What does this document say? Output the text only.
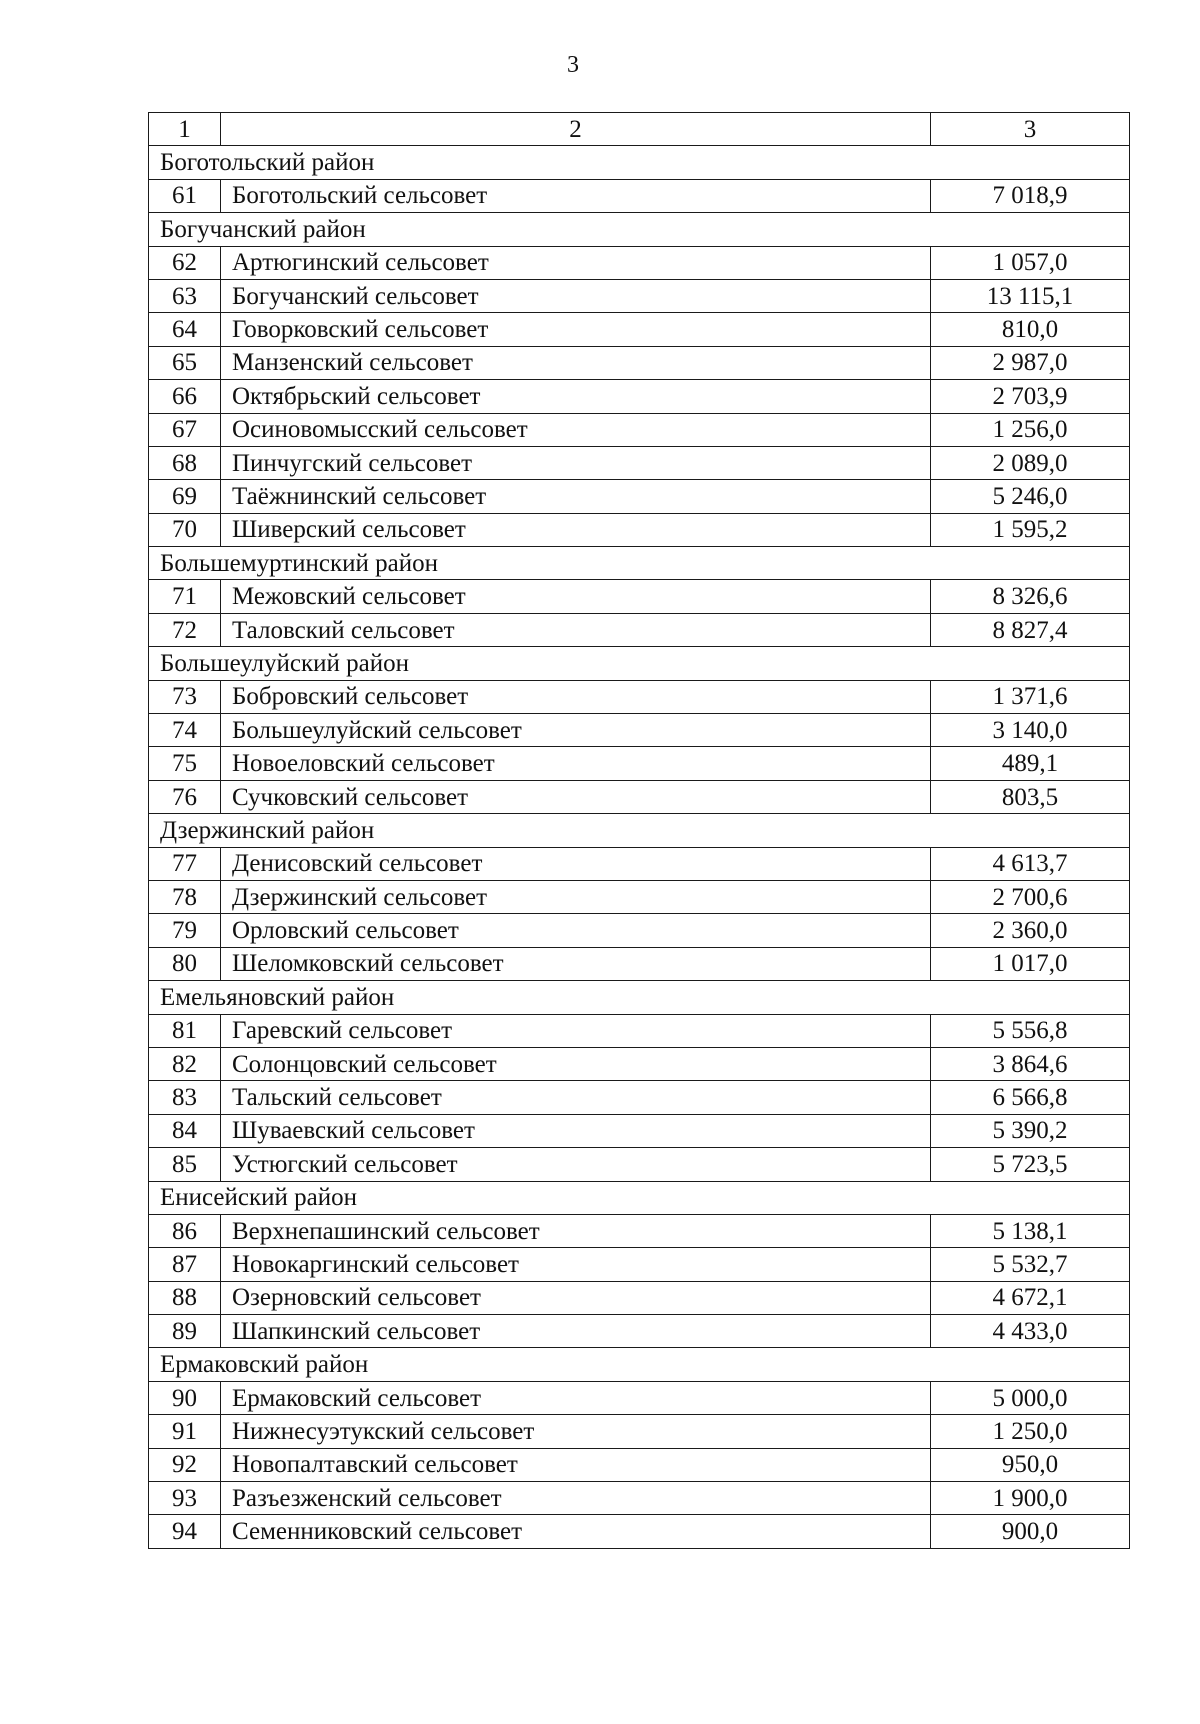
3
1	2	3
Боготольский район		
61	Боготольский сельсовет	7 018,9
Богучанский район		
62	Артюгинский сельсовет	1 057,0
63	Богучанский сельсовет	13 115,1
64	Говорковский сельсовет	810,0
65	Манзенский сельсовет	2 987,0
66	Октябрьский сельсовет	2 703,9
67	Осиновомысский сельсовет	1 256,0
68	Пинчугский сельсовет	2 089,0
69	Таёжнинский сельсовет	5 246,0
70	Шиверский сельсовет	1 595,2
Большемуртинский район		
71	Межовский сельсовет	8 326,6
72	Таловский сельсовет	8 827,4
Большеулуйский район		
73	Бобровский сельсовет	1 371,6
74	Большеулуйский сельсовет	3 140,0
75	Новоеловский сельсовет	489,1
76	Сучковский сельсовет	803,5
Дзержинский район		
77	Денисовский сельсовет	4 613,7
78	Дзержинский сельсовет	2 700,6
79	Орловский сельсовет	2 360,0
80	Шеломковский сельсовет	1 017,0
Емельяновский район		
81	Гаревский сельсовет	5 556,8
82	Солонцовский сельсовет	3 864,6
83	Тальский сельсовет	6 566,8
84	Шуваевский сельсовет	5 390,2
85	Устюгский сельсовет	5 723,5
Енисейский район		
86	Верхнепашинский сельсовет	5 138,1
87	Новокаргинский сельсовет	5 532,7
88	Озерновский сельсовет	4 672,1
89	Шапкинский сельсовет	4 433,0
Ермаковский район		
90	Ермаковский сельсовет	5 000,0
91	Нижнесуэтукский сельсовет	1 250,0
92	Новопалтавский сельсовет	950,0
93	Разъезженский сельсовет	1 900,0
94	Семенниковский сельсовет	900,0
